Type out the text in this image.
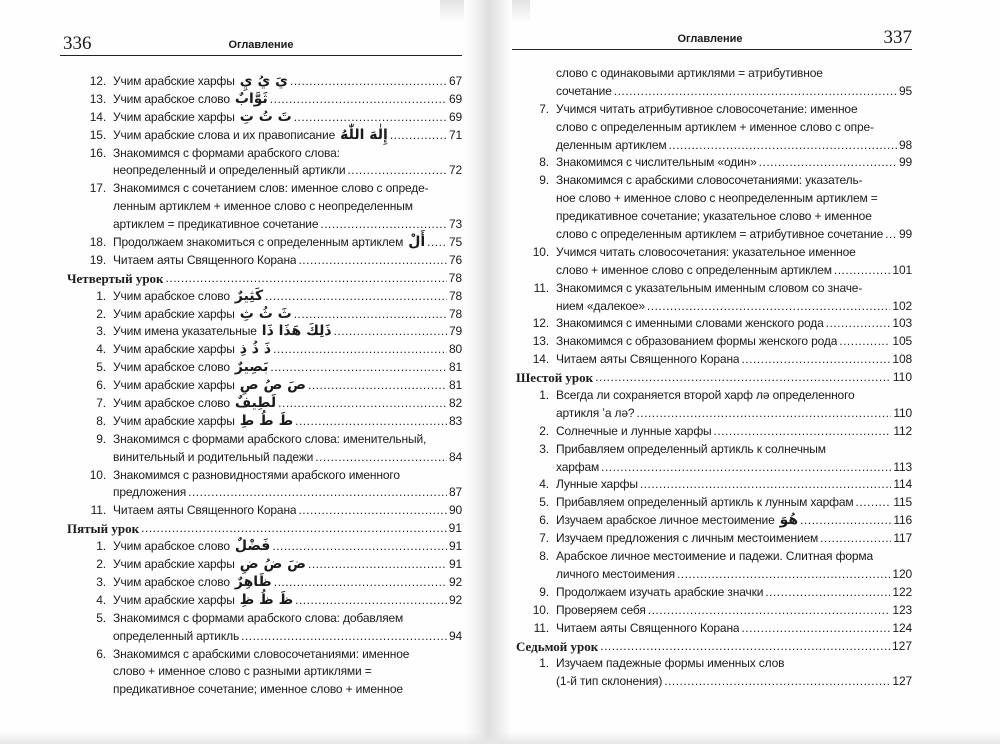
336	Оглавление
12. Учим арабские харфы يَ يُ يِ .....	67
13. Учим арабское слово ثَوَّابٌ .....	69
14. Учим арабские харфы تَ تُ تِ .....	69
15. Учим арабские слова и их правописание إِلٰهَ اللّٰهُ .....	71
16. Знакомимся с формами арабского слова:
неопределенный и определенный артикли .....	72
17. Знакомимся с сочетанием слов: именное слово с опреде-
ленным артиклем + именное слово с неопределенным
артиклем = предикативное сочетание .....	73
18. Продолжаем знакомиться с определенным артиклем أَلْ ..... 75
19. Читаем аяты Священного Корана .....	76
Четвертый урок .....	78
1. Учим арабское слово كَثِيرٌ .....	78
2. Учим арабские харфы ثَ ثُ ثِ .....	78
3. Учим имена указательные ذَلِكَ هَذَا ذَا .....	79
4. Учим арабские харфы ذَ ذُ ذِ .....	80
5. Учим арабское слово بَصِيرٌ .....	81
6. Учим арабские харфы صَ صُ صِ .....	81
7. Учим арабское слово لَطِيفٌ .....	82
8. Учим арабские харфы طَ طُ طِ .....	83
9. Знакомимся с формами арабского слова: именительный,
винительный и родительный падежи .....	84
10. Знакомимся с разновидностями арабского именного
предложения .....	87
11. Читаем аяты Священного Корана .....	90
Пятый урок .....	91
1. Учим арабское слово فَضْلٌ .....	91
2. Учим арабские харфы ضَ ضُ ضِ .....	91
3. Учим арабское слово ظَاهِرٌ .....	92
4. Учим арабские харфы ظَ ظُ ظِ .....	92
5. Знакомимся с формами арабского слова: добавляем
определенный артикль .....	94
6. Знакомимся с арабскими словосочетаниями: именное
слово + именное слово с разными артиклями =
предикативное сочетание; именное слово + именное
Оглавление	337
слово с одинаковыми артиклями = атрибутивное
сочетание .....	95
7. Учимся читать атрибутивное словосочетание: именное
слово с определенным артиклем + именное слово с опре-
деленным артиклем .....	98
8. Знакомимся с числительным «один» .....	99
9. Знакомимся с арабскими словосочетаниями: указатель-
ное слово + именное слово с неопределенным артиклем =
предикативное сочетание; указательное слово + именное
слово с определенным артиклем = атрибутивное сочетание ..... 99
10. Учимся читать словосочетания: указательное именное
слово + именное слово с определенным артиклем .....	101
11. Знакомимся с указательным именным словом со значе-
нием «далекое» .....	102
12. Знакомимся с именными словами женского рода .....	103
13. Знакомимся с образованием формы женского рода .....	105
14. Читаем аяты Священного Корана .....	108
Шестой урок .....	110
1. Всегда ли сохраняется второй харф лә определенного
артикля ʼа лә? .....	110
2. Солнечные и лунные харфы .....	112
3. Прибавляем определенный артикль к солнечным
харфам .....	113
4. Лунные харфы .....	114
5. Прибавляем определенный артикль к лунным харфам .....	115
6. Изучаем арабское личное местоимение هُوَ .....	116
7. Изучаем предложения с личным местоимением .....	117
8. Арабское личное местоимение и падежи. Слитная форма
личного местоимения .....	120
9. Продолжаем изучать арабские значки .....	122
10. Проверяем себя .....	123
11. Читаем аяты Священного Корана .....	124
Седьмой урок .....	127
1. Изучаем падежные формы именных слов
(1-й тип склонения) .....	127
